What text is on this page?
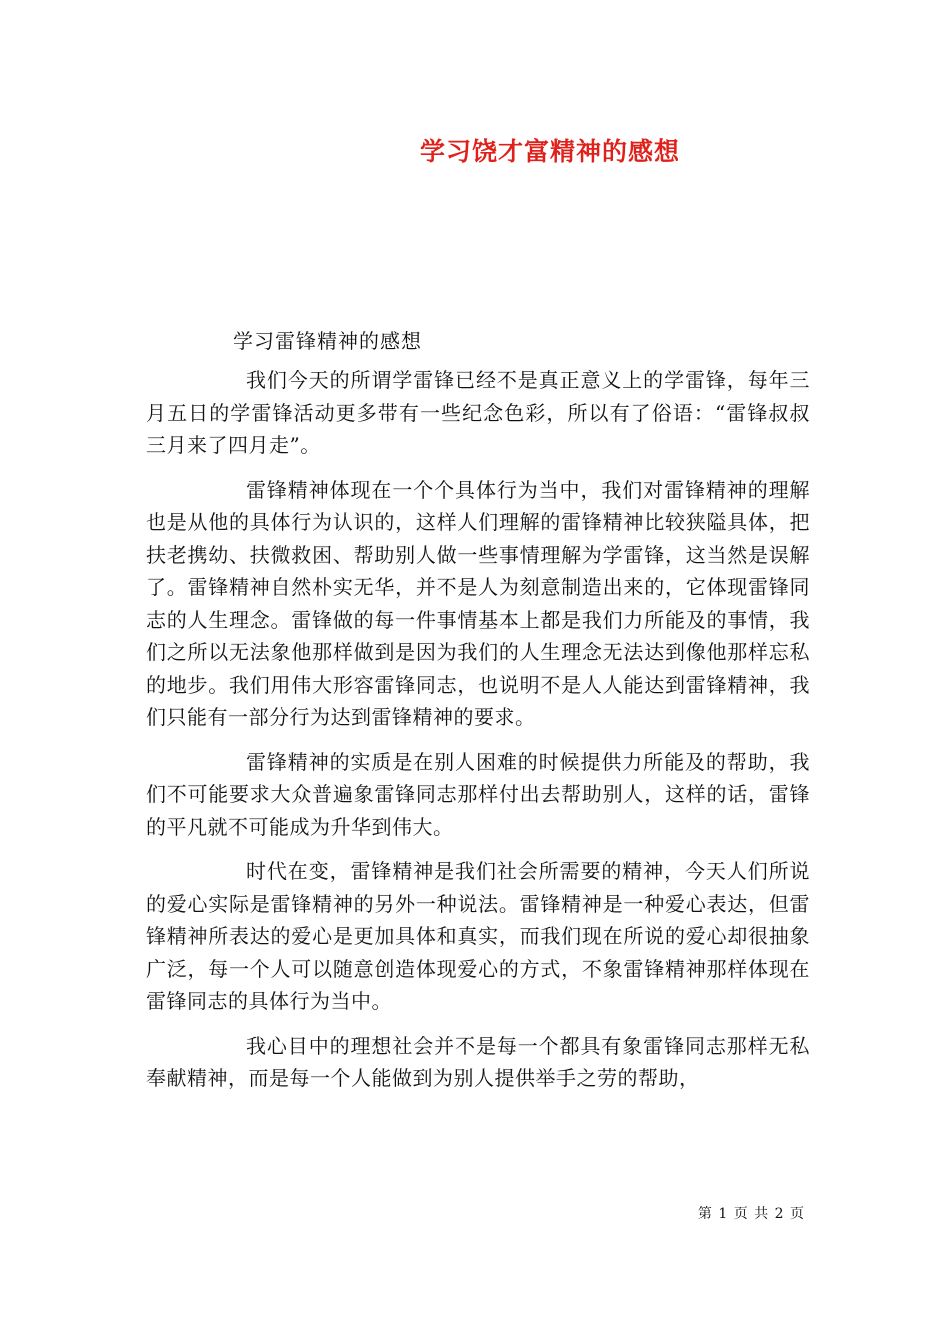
学习饶才富精神的感想
学习雷锋精神的感想

我们今天的所谓学雷锋已经不是真正意义上的学雷锋，每年三月五日的学雷锋活动更多带有一些纪念色彩，所以有了俗语：“雷锋叔叔三月来了四月走”。

雷锋精神体现在一个个具体行为当中，我们对雷锋精神的理解也是从他的具体行为认识的，这样人们理解的雷锋精神比较狭隘具体，把扶老携幼、扶微救困、帮助别人做一些事情理解为学雷锋，这当然是误解了。雷锋精神自然朴实无华，并不是人为刻意制造出来的，它体现雷锋同志的人生理念。雷锋做的每一件事情基本上都是我们力所能及的事情，我们之所以无法象他那样做到是因为我们的人生理念无法达到像他那样忘私的地步。我们用伟大形容雷锋同志，也说明不是人人能达到雷锋精神，我们只能有一部分行为达到雷锋精神的要求。

雷锋精神的实质是在别人困难的时候提供力所能及的帮助，我们不可能要求大众普遍象雷锋同志那样付出去帮助别人，这样的话，雷锋的平凡就不可能成为升华到伟大。

时代在变，雷锋精神是我们社会所需要的精神，今天人们所说的爱心实际是雷锋精神的另外一种说法。雷锋精神是一种爱心表达，但雷锋精神所表达的爱心是更加具体和真实，而我们现在所说的爱心却很抽象广泛，每一个人可以随意创造体现爱心的方式，不象雷锋精神那样体现在雷锋同志的具体行为当中。

我心目中的理想社会并不是每一个都具有象雷锋同志那样无私奉献精神，而是每一个人能做到为别人提供举手之劳的帮助，

第 1 页 共 2 页
